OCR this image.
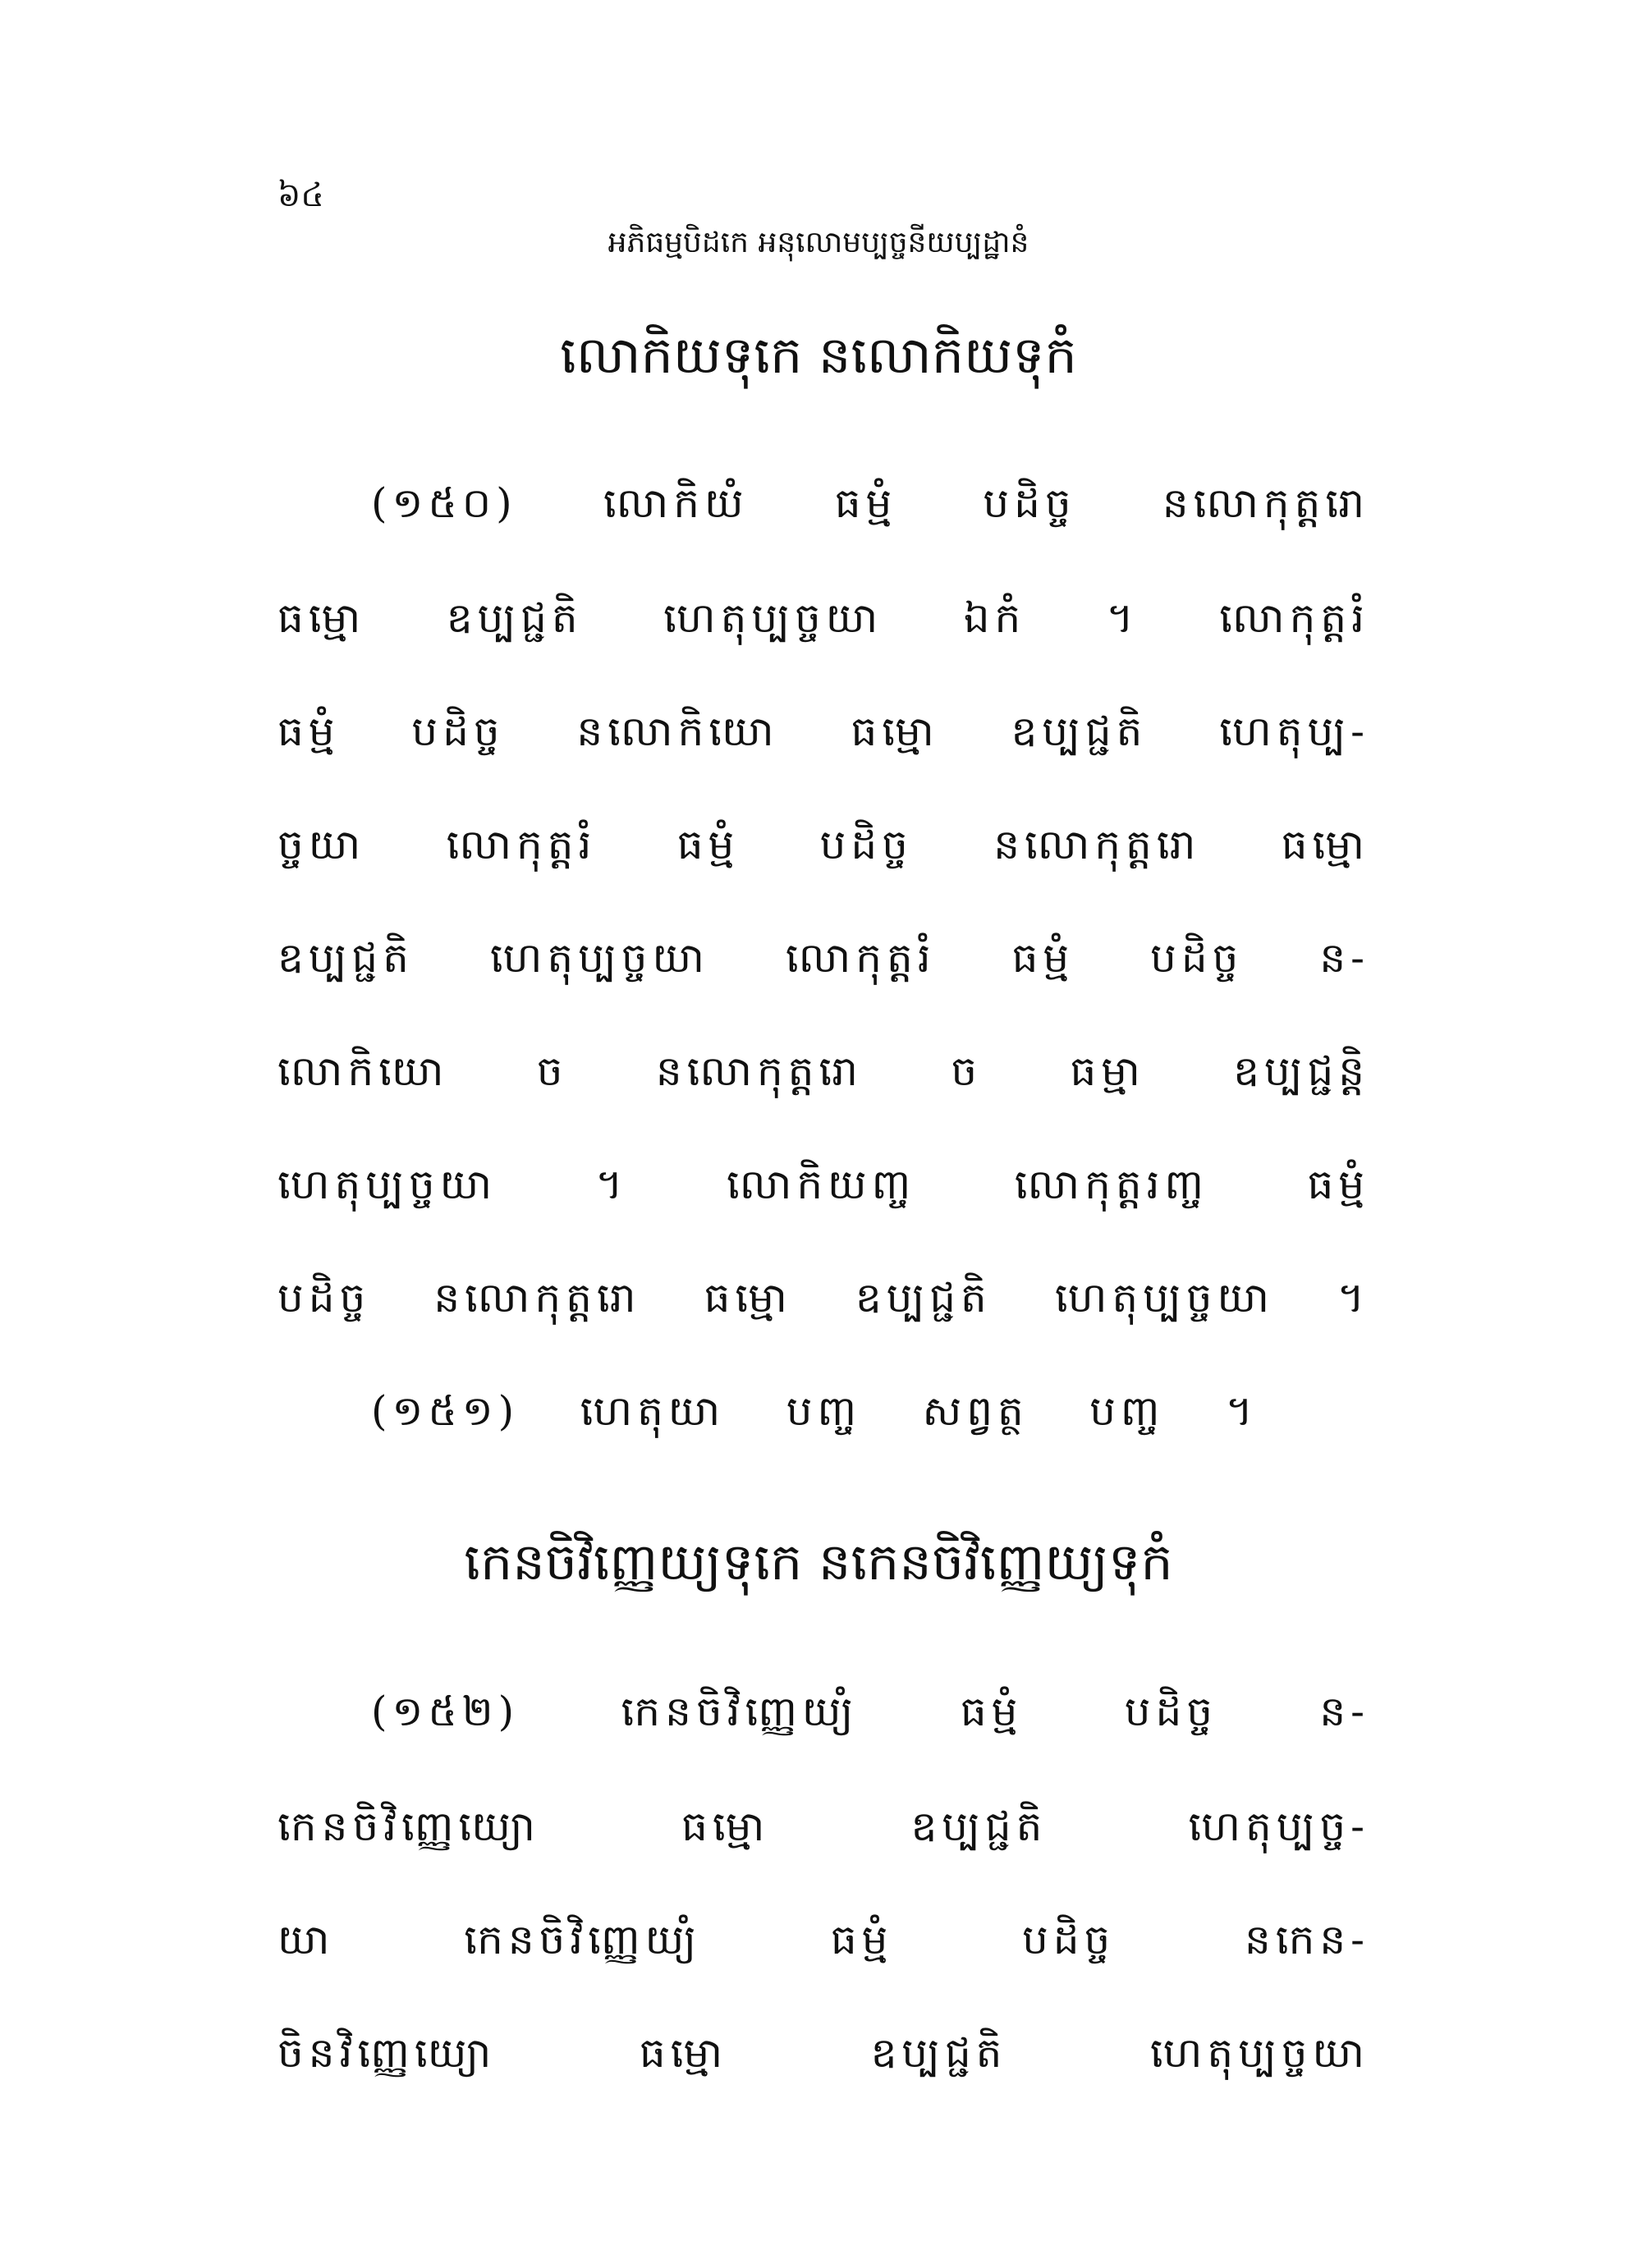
៦៤
អភិធម្មបិដកេ អនុលោមប្បច្ចនីយប្បដ្ឋានំ
លោកិយទុកេ នលោកិយទុកំ
(១៥០) លោកិយំ ធម្មំ បដិច្ច នលោកុត្តរោ
ធម្មោ ឧប្បជ្ជតិ ហេតុប្បច្ចយា ឯកំ ។ លោកុត្តរំ
ធម្មំ បដិច្ច នលោកិយោ ធម្មោ ឧប្បជ្ជតិ ហេតុប្ប-
ច្ចយា លោកុត្តរំ ធម្មំ បដិច្ច នលោកុត្តរោ ធម្មោ
ឧប្បជ្ជតិ ហេតុប្បច្ចយា លោកុត្តរំ ធម្មំ បដិច្ច ន-
លោកិយោ ច នលោកុត្តរោ ច ធម្មា ឧប្បជ្ជន្តិ
ហេតុប្បច្ចយា ។ លោកិយញ្ច លោកុត្តរញ្ច ធម្មំ
បដិច្ច នលោកុត្តរោ ធម្មោ ឧប្បជ្ជតិ ហេតុប្បច្ចយា ។
(១៥១) ហេតុយា បញ្ច សព្វត្ថ បញ្ច ។
កេនចិវិញ្ញេយ្យទុកេ នកេនចិវិញ្ញេយ្យទុកំ
(១៥២) កេនចិវិញ្ញេយ្យំ ធម្មំ បដិច្ច ន-
កេនចិវិញ្ញេយ្យោ ធម្មោ ឧប្បជ្ជតិ ហេតុប្បច្ច-
យា កេនចិវិញ្ញេយ្យំ ធម្មំ បដិច្ច នកេន-
ចិនវិញ្ញេយ្យោ ធម្មោ ឧប្បជ្ជតិ ហេតុប្បច្ចយា
